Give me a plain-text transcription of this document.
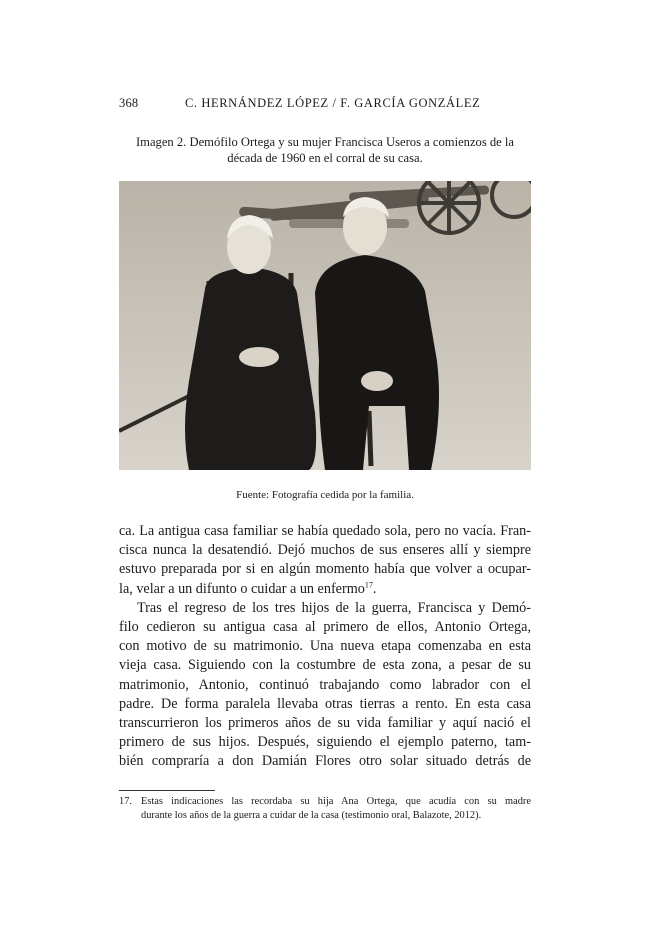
368	C. HERNÁNDEZ LÓPEZ / F. GARCÍA GONZÁLEZ
Imagen 2. Demófilo Ortega y su mujer Francisca Useros a comienzos de la
década de 1960 en el corral de su casa.
Fuente: Fotografía cedida por la familia.
ca. La antigua casa familiar se había quedado sola, pero no vacía. Fran-
cisca nunca la desatendió. Dejó muchos de sus enseres allí y siempre
estuvo preparada por si en algún momento había que volver a ocupar-
la, velar a un difunto o cuidar a un enfermo$^{17}$.
Tras el regreso de los tres hijos de la guerra, Francisca y Demó-
filo cedieron su antigua casa al primero de ellos, Antonio Ortega,
con motivo de su matrimonio. Una nueva etapa comenzaba en esta
vieja casa. Siguiendo con la costumbre de esta zona, a pesar de su
matrimonio, Antonio, continuó trabajando como labrador con el
padre. De forma paralela llevaba otras tierras a rento. En esta casa
transcurrieron los primeros años de su vida familiar y aquí nació el
primero de sus hijos. Después, siguiendo el ejemplo paterno, tam-
bién compraría a don Damián Flores otro solar situado detrás de
17. Estas indicaciones las recordaba su hija Ana Ortega, que acudía con su madre
durante los años de la guerra a cuidar de la casa (testimonio oral, Balazote, 2012).
